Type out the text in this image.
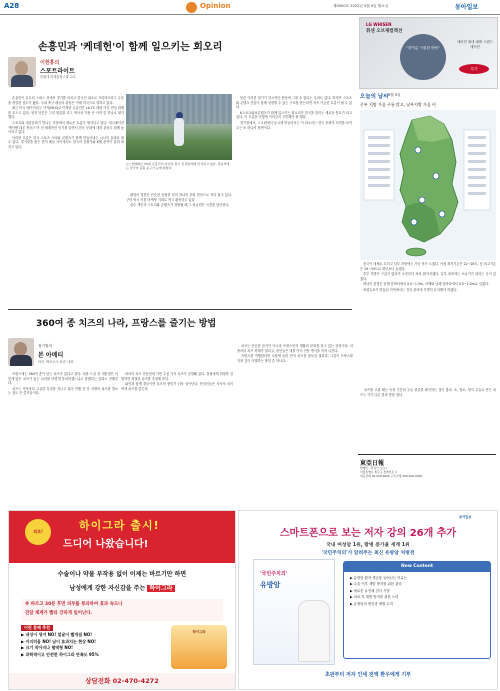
A28	Opinion	제0000호 2025년 0월 0일 월요일	동아일보
손흥민과 '케데헌'이 함께 일으키는 회오리
이헌홍의
스포트라이트
한림대 미래융합스쿨 교수

손흥민이 토트넘 스퍼스 전에서 경기를 마치고 한국인 최초로 프리미어리그 우승을 경험한 선수가 됐다. 국내 축구 팬들의 관심은 이제 미국으로 향하고 있다.

최근 미국 메이저리그 사커(MLS)로 이적한 손흥민은 LA FC 데뷔 이후 연일 화제를 모으고 있다. 현지 언론은 그의 합류를 리그 역사상 가장 큰 이적 중 하나로 평가했다.

스포츠와 대중문화가 만나는 지점에서 새로운 흐름이 생겨나고 있다. 애니메이션 '케이팝 데몬 헌터스'가 전 세계적인 인기를 끌면서 한국 문화에 대한 관심도 함께 높아지고 있다.

이러한 흐름은 한국 스포츠 스타와 콘텐츠가 함께 만들어내는 시너지 효과라 할 수 있다. 경기장을 찾는 현지 팬들 사이에서도 한국어 응원가와 K팝 음악이 울려 퍼지고 있다.

로스앤젤레스 FC의 손흥민이 지난달 경기 전 팬들에게 인사하고 있다. 관중석에는 한국어 응원 문구가 눈에 띄었다.

팬덤의 결집은 단순한 응원을 넘어 하나의 문화 현상으로 자리 잡고 있다. 구단 역시 이를 마케팅 기회로 적극 활용하고 있다.

선수 개인의 스토리와 콘텐츠가 결합될 때 그 파급력은 국경을 넘어선다.

물론 이러한 열기가 일시적인 현상에 그칠 수 있다는 우려도 있다. 하지만 스포츠와 콘텐츠 산업이 함께 성장할 수 있는 구조를 만든다면 지속 가능한 흐름이 될 수 있다.

K스포츠와 K콘텐츠가 함께 일으키는 회오리가 한국을 알리는 새로운 통로가 되고 있다. 이 흐름을 어떻게 이어갈지 고민해야 할 때다.

경기장에서, 스크린에서 동시에 만들어지는 이 회오리는 한국 문화의 저력을 보여주는 또 하나의 장면이다.

LG WHISEN
휘센 오브제컬렉션
"한여름 시원한 바람"
에어컨 최대 혜택 스탠드 에어컨
특가
오늘의 날씨 8월 0일
중부 지방 가끔 구름 많고, 남부지방 가끔 비

전국이 대체로 흐리고 남부 지방에는 가끔 비가 오겠다. 아침 최저기온은 22~26도, 낮 최고기온은 29~34도로 평년보다 높겠다.

중부 지방은 구름이 많다가 오후부터 차차 맑아지겠다. 일부 내륙에는 소나기가 내리는 곳이 있겠다.

바다의 물결은 동해 앞바다에서 0.5~1.5m, 서해와 남해 앞바다에서 0.5~1.0m로 일겠다.

폭염특보가 발효된 지역에서는 건강 관리에 각별히 유의해야 하겠다.

360여 종 치즈의 나라, 프랑스를 즐기는 방법
정기범의
본 아메티
파리 '제코르크 파리' 대표

프랑스에는 360여 종이 넘는 치즈가 있다고 한다. 샤를 드골 전 대통령은 이렇게 많은 치즈가 있는 나라를 어떻게 통치하겠느냐고 말했다는 일화도 전해진다.

치즈는 지역마다 고유한 특징을 지니고 있어 여행 중 각 지방의 치즈를 맛보는 것도 큰 즐거움이다.

파리의 치즈 전문점에 가면 수십 가지 치즈가 진열돼 있다. 점원에게 취향을 설명하면 적절한 치즈를 추천해 준다.

와인과 함께 곁들이면 치즈의 풍미가 더욱 살아난다. 현지인들은 식사의 마지막에 치즈를 즐긴다.

치즈는 단순한 음식이 아니라 프랑스인의 생활과 문화를 담고 있는 상징이다. 마을마다 치즈 축제가 열리고, 장인들은 대를 이어 전통 방식을 지켜 나간다.

프랑스를 여행한다면 시장에 들러 현지 치즈를 맛보길 권한다. 그것이 프랑스를 가장 깊이 이해하는 방법 중 하나다.

치즈를 고를 때는 숙성 기간과 우유 종류를 확인하는 것이 좋다. 소, 염소, 양의 우유로 만든 치즈는 각기 다른 맛과 향을 낸다.

東亞日報
발행인 · 편집인 ○○○
서울특별시 종로구 청계천로 1
대표전화 02-000-0000 구독신청 080-000-0000
최초!	하이그라 출시!
드디어 나왔습니다!
수술이나 약물 부작용 없이 이제는 바르기만 하면
남성에게 강한 자신감을 주는 하이그라
※ 바르고 30분 후면 피부를 통과하여 효과 속도나
전달 체계가 빨라 강하게 일어난다.
이런 분께 추천
▶ 내성이 생겨 NO! 얼굴이 빨개짐 NO!
▶ 어지러움 NO! 남이 효과지는 현상 NO!
▶ 크기 작아지나 혈액형 NO!
▶ 과학적이고 안전한 하이그라 만족도 95%
하이그라
상담전화 02-470-4272
동아일보
스마트폰으로 보는 저자 강의 26개 추가
국내 여성암 1위, 발병 증가율 세계 1위
'국민주치의'가 알려주는 최신 유방암 처방전
'국민주치의'
유방암
New Content
▶ 유방암 환자 생존율 늘어나는 이유는
▶ 수술 이후 재발 방지를 위한 관리
▶ 새로운 유전체 검사 기법
▶ 치료 후 재발 방지를 위한 노력
▶ 유방암의 원인과 예방 수칙
초판부터 저자 인세 전액 환우에게 기부
